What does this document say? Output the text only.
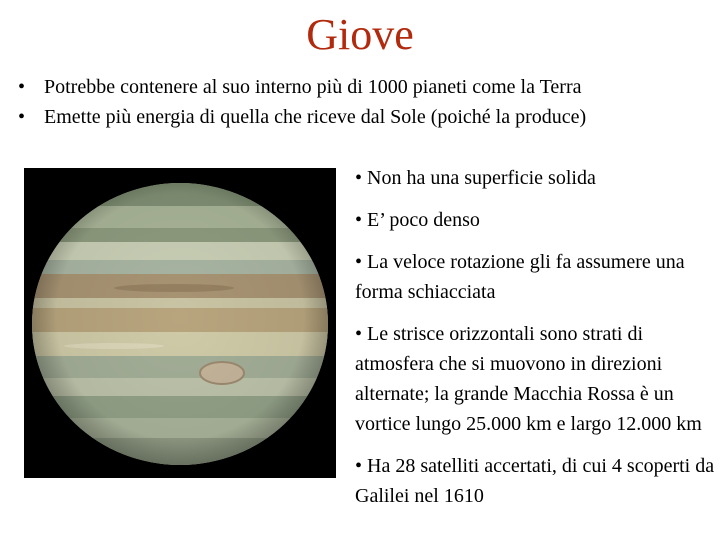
Giove
• Potrebbe contenere al suo interno più di 1000 pianeti come la Terra
• Emette più energia di quella che riceve dal Sole (poiché la produce)
• Non ha una superficie solida
• E’ poco denso
• La veloce rotazione gli fa assumere una forma schiacciata
• Le strisce orizzontali sono strati di atmosfera che si muovono in direzioni alternate; la grande Macchia Rossa è un vortice lungo 25.000 km e largo 12.000 km
• Ha 28 satelliti accertati, di cui 4 scoperti da Galilei nel 1610
